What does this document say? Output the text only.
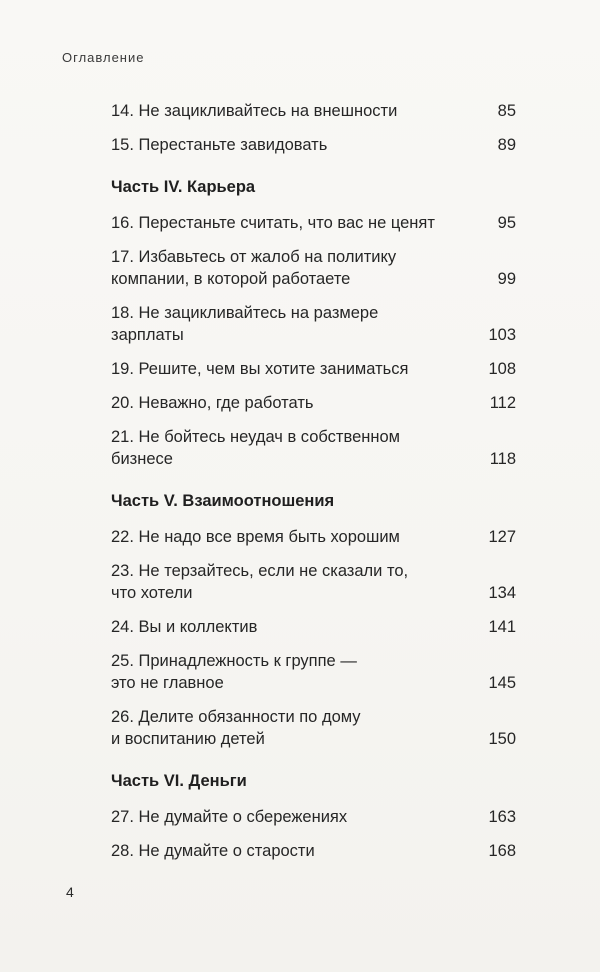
Оглавление
14. Не зацикливайтесь на внешности	85
15. Перестаньте завидовать	89
Часть IV. Карьера
16. Перестаньте считать, что вас не ценят	95
17. Избавьтесь от жалоб на политику
компании, в которой работаете	99
18. Не зацикливайтесь на размере зарплаты	103
19. Решите, чем вы хотите заниматься	108
20. Неважно, где работать	112
21. Не бойтесь неудач в собственном
бизнесе	118
Часть V. Взаимоотношения
22. Не надо все время быть хорошим	127
23. Не терзайтесь, если не сказали то,
что хотели	134
24. Вы и коллектив	141
25. Принадлежность к группе —
это не главное	145
26. Делите обязанности по дому
и воспитанию детей	150
Часть VI. Деньги
27. Не думайте о сбережениях	163
28. Не думайте о старости	168
4
